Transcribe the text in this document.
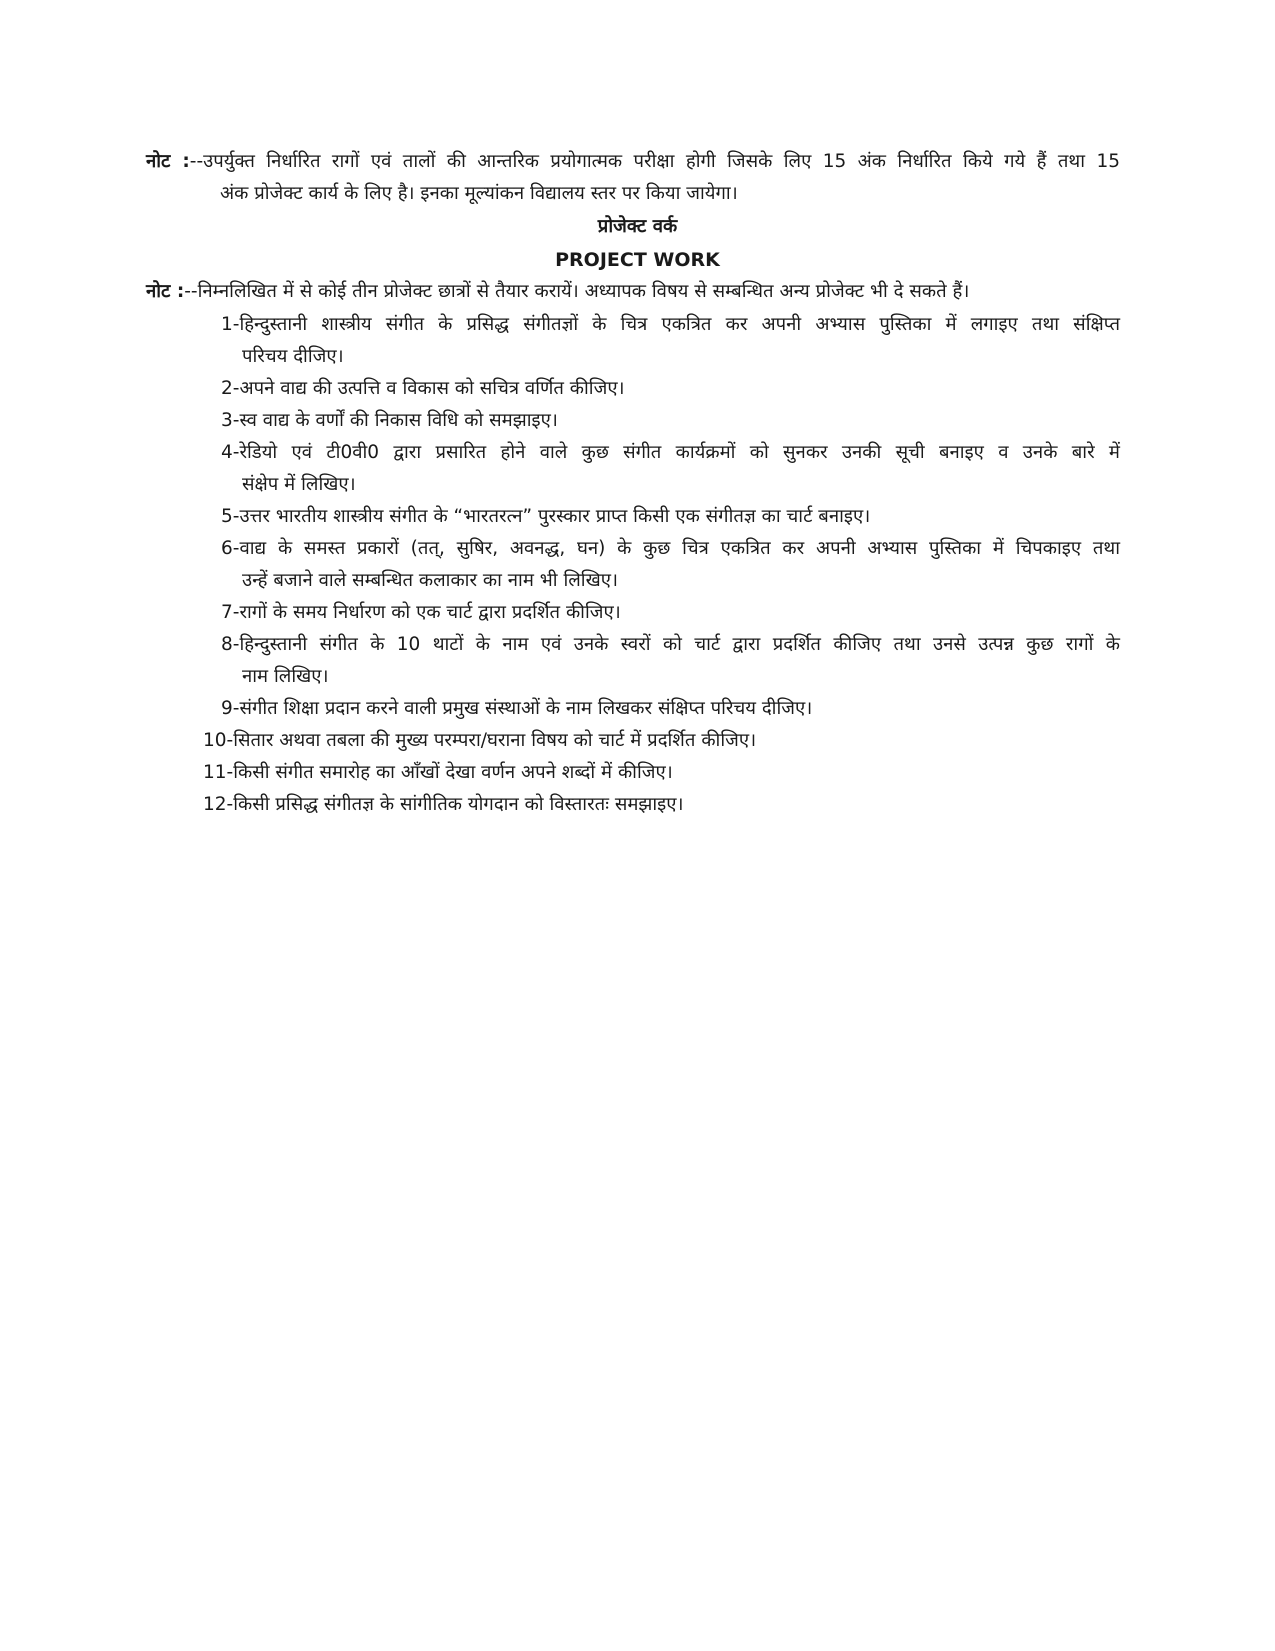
नोट :--उपर्युक्त निर्धारित रागों एवं तालों की आन्तरिक प्रयोगात्मक परीक्षा होगी जिसके लिए 15 अंक निर्धारित किये गये हैं तथा 15
अंक प्रोजेक्ट कार्य के लिए है। इनका मूल्यांकन विद्यालय स्तर पर किया जायेगा।
प्रोजेक्ट वर्क
PROJECT WORK
नोट :--निम्नलिखित में से कोई तीन प्रोजेक्ट छात्रों से तैयार करायें। अध्यापक विषय से सम्बन्धित अन्य प्रोजेक्ट भी दे सकते हैं।
1-हिन्दुस्तानी शास्त्रीय संगीत के प्रसिद्ध संगीतज्ञों के चित्र एकत्रित कर अपनी अभ्यास पुस्तिका में लगाइए तथा संक्षिप्त
परिचय दीजिए।
2-अपने वाद्य की उत्पत्ति व विकास को सचित्र वर्णित कीजिए।
3-स्व वाद्य के वर्णों की निकास विधि को समझाइए।
4-रेडियो एवं टी0वी0 द्वारा प्रसारित होने वाले कुछ संगीत कार्यक्रमों को सुनकर उनकी सूची बनाइए व उनके बारे में
संक्षेप में लिखिए।
5-उत्तर भारतीय शास्त्रीय संगीत के “भारतरत्न” पुरस्कार प्राप्त किसी एक संगीतज्ञ का चार्ट बनाइए।
6-वाद्य के समस्त प्रकारों (तत्, सुषिर, अवनद्ध, घन) के कुछ चित्र एकत्रित कर अपनी अभ्यास पुस्तिका में चिपकाइए तथा
उन्हें बजाने वाले सम्बन्धित कलाकार का नाम भी लिखिए।
7-रागों के समय निर्धारण को एक चार्ट द्वारा प्रदर्शित कीजिए।
8-हिन्दुस्तानी संगीत के 10 थाटों के नाम एवं उनके स्वरों को चार्ट द्वारा प्रदर्शित कीजिए तथा उनसे उत्पन्न कुछ रागों के
नाम लिखिए।
9-संगीत शिक्षा प्रदान करने वाली प्रमुख संस्थाओं के नाम लिखकर संक्षिप्त परिचय दीजिए।
10-सितार अथवा तबला की मुख्य परम्परा/घराना विषय को चार्ट में प्रदर्शित कीजिए।
11-किसी संगीत समारोह का आँखों देखा वर्णन अपने शब्दों में कीजिए।
12-किसी प्रसिद्ध संगीतज्ञ के सांगीतिक योगदान को विस्तारतः समझाइए।
